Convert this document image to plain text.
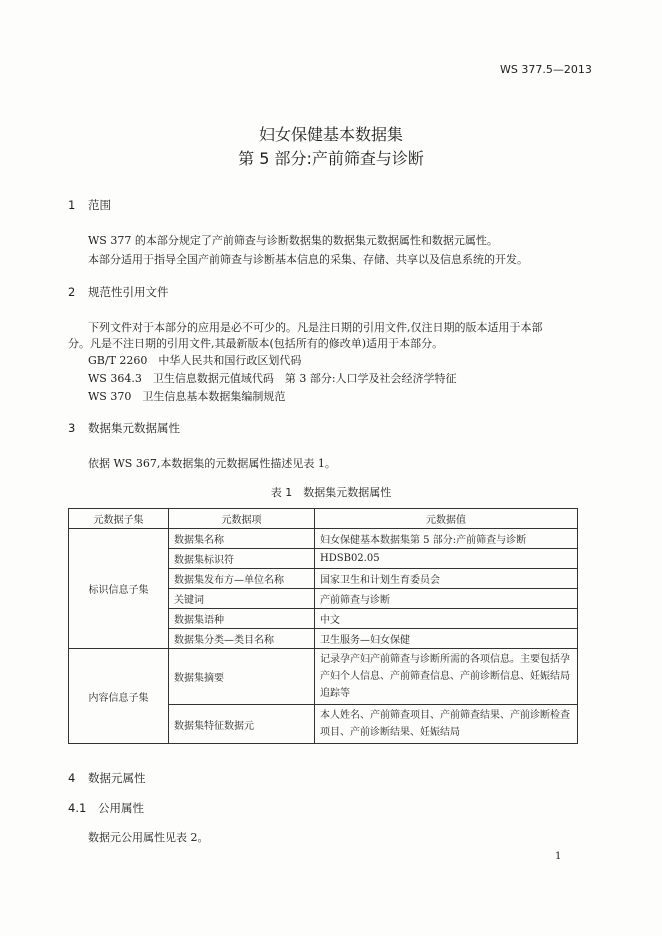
WS 377.5—2013
妇女保健基本数据集
第 5 部分:产前筛查与诊断
1 范围
WS 377 的本部分规定了产前筛查与诊断数据集的数据集元数据属性和数据元属性。
本部分适用于指导全国产前筛查与诊断基本信息的采集、存储、共享以及信息系统的开发。
2 规范性引用文件
下列文件对于本部分的应用是必不可少的。凡是注日期的引用文件,仅注日期的版本适用于本部
分。凡是不注日期的引用文件,其最新版本(包括所有的修改单)适用于本部分。
GB/T 2260　中华人民共和国行政区划代码
WS 364.3　卫生信息数据元值域代码　第 3 部分:人口学及社会经济学特征
WS 370　卫生信息基本数据集编制规范
3 数据集元数据属性
依据 WS 367,本数据集的元数据属性描述见表 1。
表 1　数据集元数据属性
元数据子集	元数据项	元数据值
标识信息子集	数据集名称	妇女保健基本数据集第 5 部分:产前筛查与诊断
	数据集标识符	HDSB02.05
	数据集发布方—单位名称	国家卫生和计划生育委员会
	关键词	产前筛查与诊断
	数据集语种	中文
	数据集分类—类目名称	卫生服务—妇女保健
内容信息子集	数据集摘要	记录孕产妇产前筛查与诊断所需的各项信息。主要包括孕产妇个人信息、产前筛查信息、产前诊断信息、妊娠结局追踪等
	数据集特征数据元	本人姓名、产前筛查项目、产前筛查结果、产前诊断检查项目、产前诊断结果、妊娠结局
4 数据元属性
4.1 公用属性
数据元公用属性见表 2。
1
